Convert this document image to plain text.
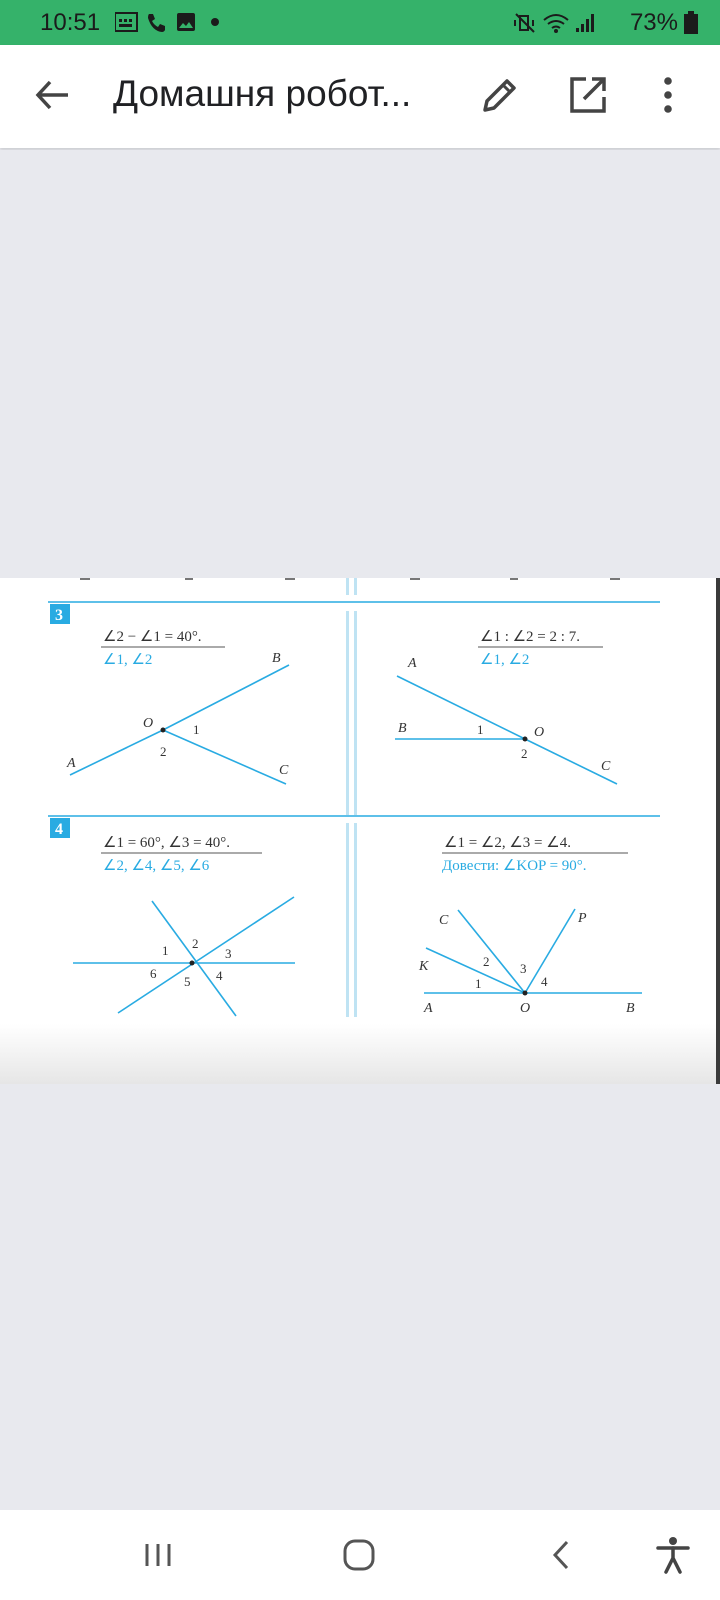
10:51	73%
Домашня робот...
3
∠2 − ∠1 = 40°.
∠1, ∠2	B
O
A	C
1
2
∠1 : ∠2 = 2 : 7.
∠1, ∠2
A
B	O
C
1
2
4
∠1 = 60°, ∠3 = 40°.
∠2, ∠4, ∠5, ∠6
1 2
3
4
5
6
∠1 = ∠2, ∠3 = ∠4.
Довести: ∠KOP = 90°.
C	P
K
A	O	B
1
2 3
4
